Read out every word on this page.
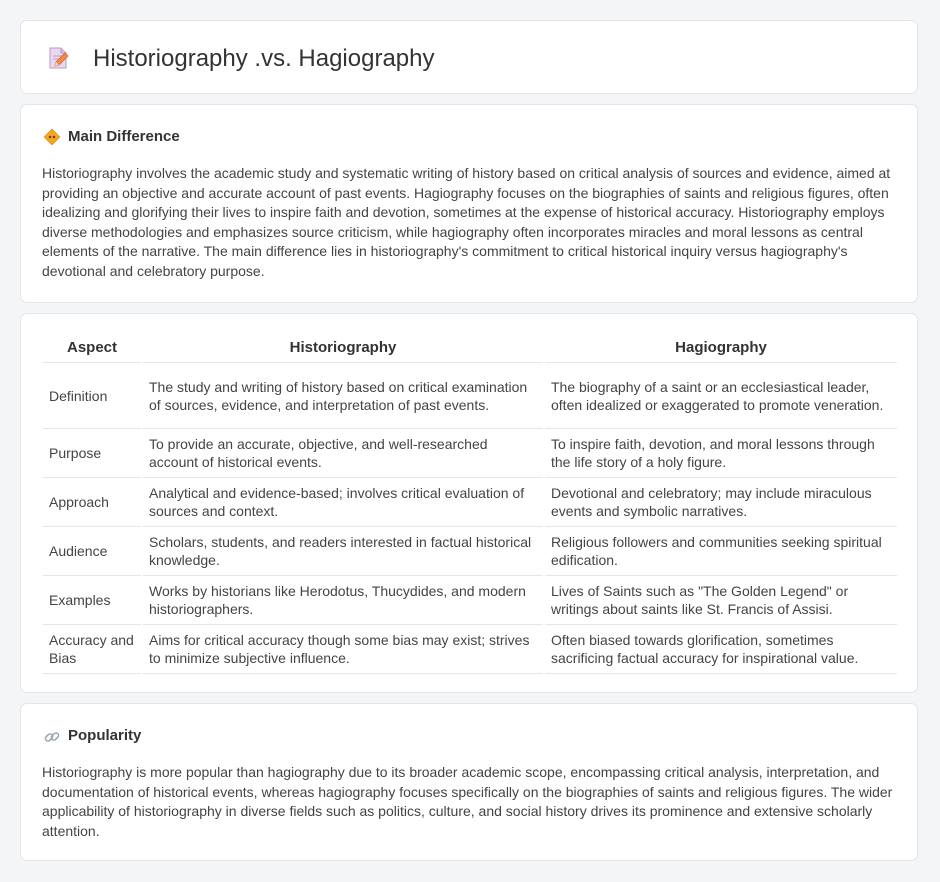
Historiography .vs. Hagiography
Main Difference

Historiography involves the academic study and systematic writing of history based on critical analysis of sources and evidence, aimed at providing an objective and accurate account of past events. Hagiography focuses on the biographies of saints and religious figures, often idealizing and glorifying their lives to inspire faith and devotion, sometimes at the expense of historical accuracy. Historiography employs diverse methodologies and emphasizes source criticism, while hagiography often incorporates miracles and moral lessons as central elements of the narrative. The main difference lies in historiography's commitment to critical historical inquiry versus hagiography's devotional and celebratory purpose.

Aspect	Historiography	Hagiography
Definition	The study and writing of history based on critical examination of sources, evidence, and interpretation of past events.	The biography of a saint or an ecclesiastical leader, often idealized or exaggerated to promote veneration.
Purpose	To provide an accurate, objective, and well-researched account of historical events.	To inspire faith, devotion, and moral lessons through the life story of a holy figure.
Approach	Analytical and evidence-based; involves critical evaluation of sources and context.	Devotional and celebratory; may include miraculous events and symbolic narratives.
Audience	Scholars, students, and readers interested in factual historical knowledge.	Religious followers and communities seeking spiritual edification.
Examples	Works by historians like Herodotus, Thucydides, and modern historiographers.	Lives of Saints such as "The Golden Legend" or writings about saints like St. Francis of Assisi.
Accuracy and Bias	Aims for critical accuracy though some bias may exist; strives to minimize subjective influence.	Often biased towards glorification, sometimes sacrificing factual accuracy for inspirational value.
Popularity

Historiography is more popular than hagiography due to its broader academic scope, encompassing critical analysis, interpretation, and documentation of historical events, whereas hagiography focuses specifically on the biographies of saints and religious figures. The wider applicability of historiography in diverse fields such as politics, culture, and social history drives its prominence and extensive scholarly attention.
